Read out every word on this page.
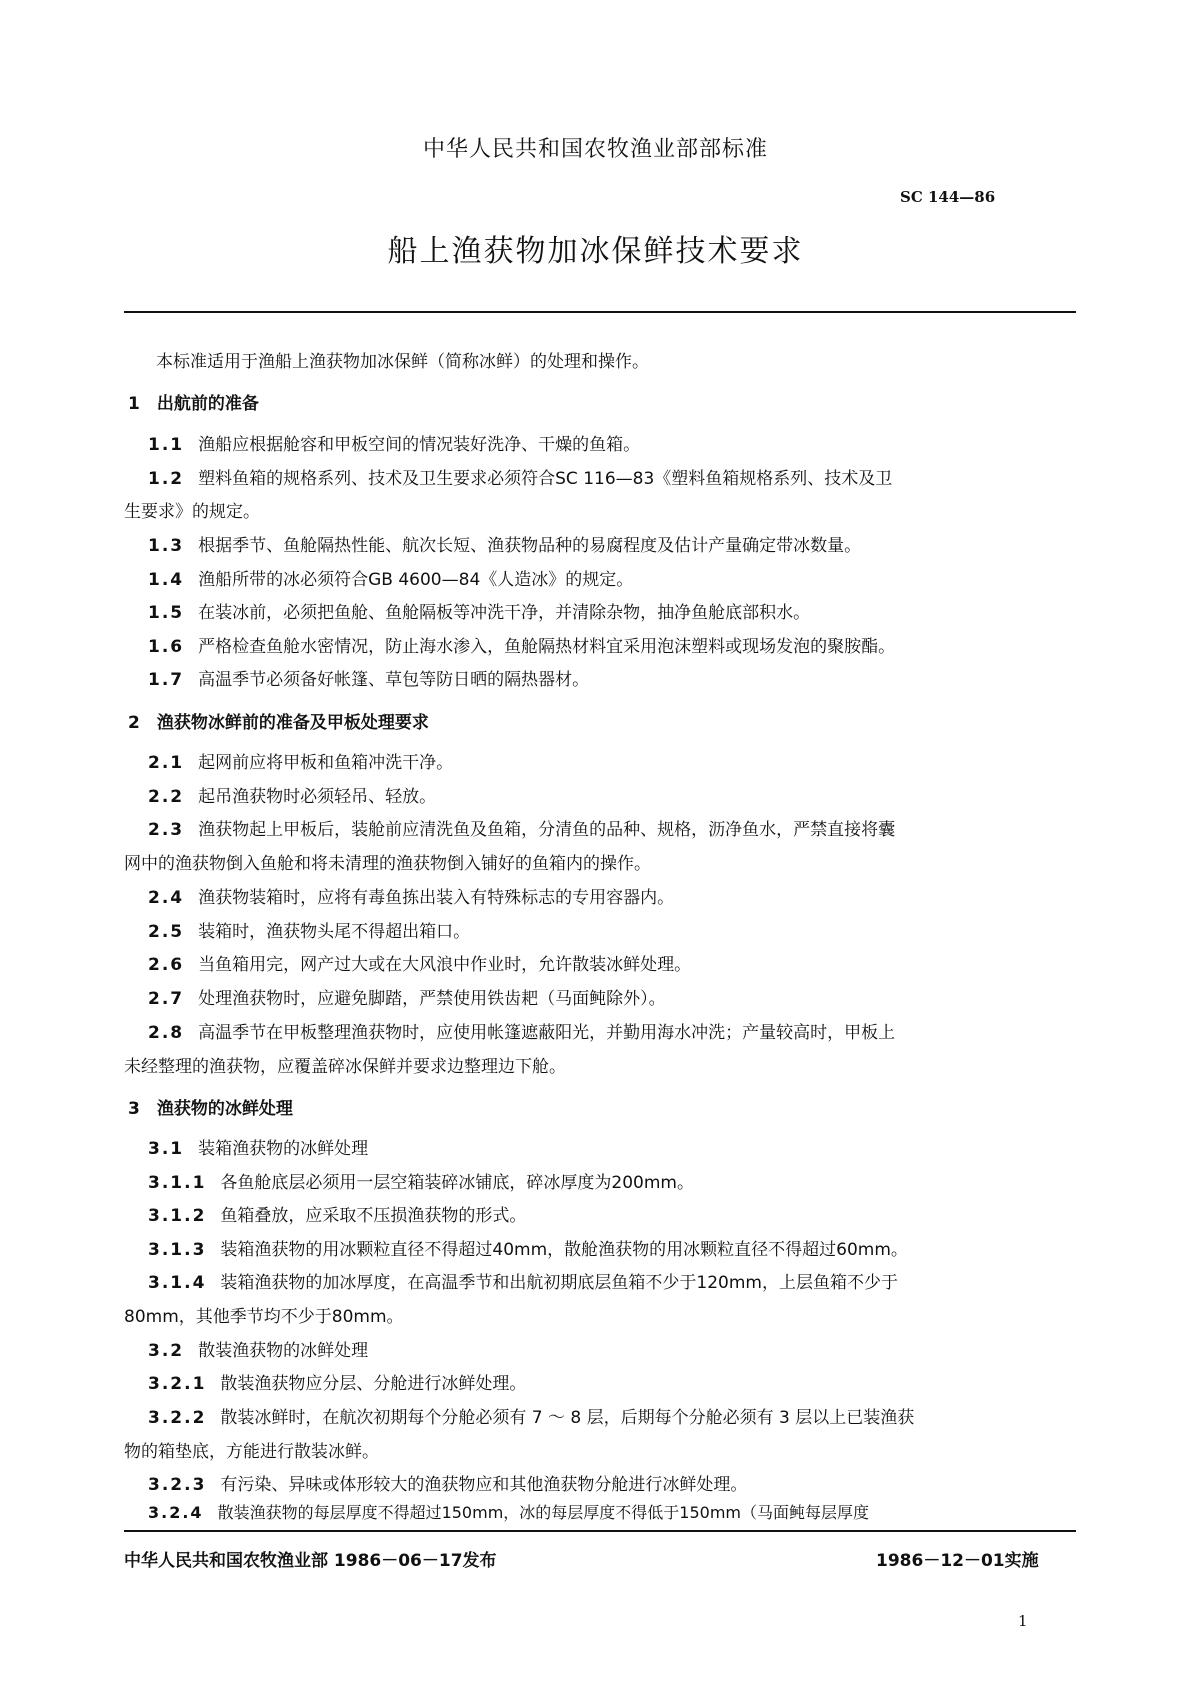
中华人民共和国农牧渔业部部标准
SC 144—86
船上渔获物加冰保鲜技术要求
本标准适用于渔船上渔获物加冰保鲜（简称冰鲜）的处理和操作。
1　出航前的准备
1.1 渔船应根据舱容和甲板空间的情况装好洗净、干燥的鱼箱。
1.2 塑料鱼箱的规格系列、技术及卫生要求必须符合SC 116—83《塑料鱼箱规格系列、技术及卫
生要求》的规定。
1.3 根据季节、鱼舱隔热性能、航次长短、渔获物品种的易腐程度及估计产量确定带冰数量。
1.4 渔船所带的冰必须符合GB 4600—84《人造冰》的规定。
1.5 在装冰前，必须把鱼舱、鱼舱隔板等冲洗干净，并清除杂物，抽净鱼舱底部积水。
1.6 严格检查鱼舱水密情况，防止海水渗入，鱼舱隔热材料宜采用泡沫塑料或现场发泡的聚胺酯。
1.7 高温季节必须备好帐篷、草包等防日晒的隔热器材。
2　渔获物冰鲜前的准备及甲板处理要求
2.1 起网前应将甲板和鱼箱冲洗干净。
2.2 起吊渔获物时必须轻吊、轻放。
2.3 渔获物起上甲板后，装舱前应清洗鱼及鱼箱，分清鱼的品种、规格，沥净鱼水，严禁直接将囊
网中的渔获物倒入鱼舱和将未清理的渔获物倒入铺好的鱼箱内的操作。
2.4 渔获物装箱时，应将有毒鱼拣出装入有特殊标志的专用容器内。
2.5 装箱时，渔获物头尾不得超出箱口。
2.6 当鱼箱用完，网产过大或在大风浪中作业时，允许散装冰鲜处理。
2.7 处理渔获物时，应避免脚踏，严禁使用铁齿耙（马面鲀除外）。
2.8 高温季节在甲板整理渔获物时，应使用帐篷遮蔽阳光，并勤用海水冲洗；产量较高时，甲板上
未经整理的渔获物，应覆盖碎冰保鲜并要求边整理边下舱。
3　渔获物的冰鲜处理
3.1 装箱渔获物的冰鲜处理
3.1.1 各鱼舱底层必须用一层空箱装碎冰铺底，碎冰厚度为200mm。
3.1.2 鱼箱叠放，应采取不压损渔获物的形式。
3.1.3 装箱渔获物的用冰颗粒直径不得超过40mm，散舱渔获物的用冰颗粒直径不得超过60mm。
3.1.4 装箱渔获物的加冰厚度，在高温季节和出航初期底层鱼箱不少于120mm，上层鱼箱不少于
80mm，其他季节均不少于80mm。
3.2 散装渔获物的冰鲜处理
3.2.1 散装渔获物应分层、分舱进行冰鲜处理。
3.2.2 散装冰鲜时，在航次初期每个分舱必须有 7 ～ 8 层，后期每个分舱必须有 3 层以上已装渔获
物的箱垫底，方能进行散装冰鲜。
3.2.3 有污染、异味或体形较大的渔获物应和其他渔获物分舱进行冰鲜处理。
3.2.4 散装渔获物的每层厚度不得超过150mm，冰的每层厚度不得低于150mm（马面鲀每层厚度
中华人民共和国农牧渔业部 1986－06－17发布	1986－12－01实施
1
